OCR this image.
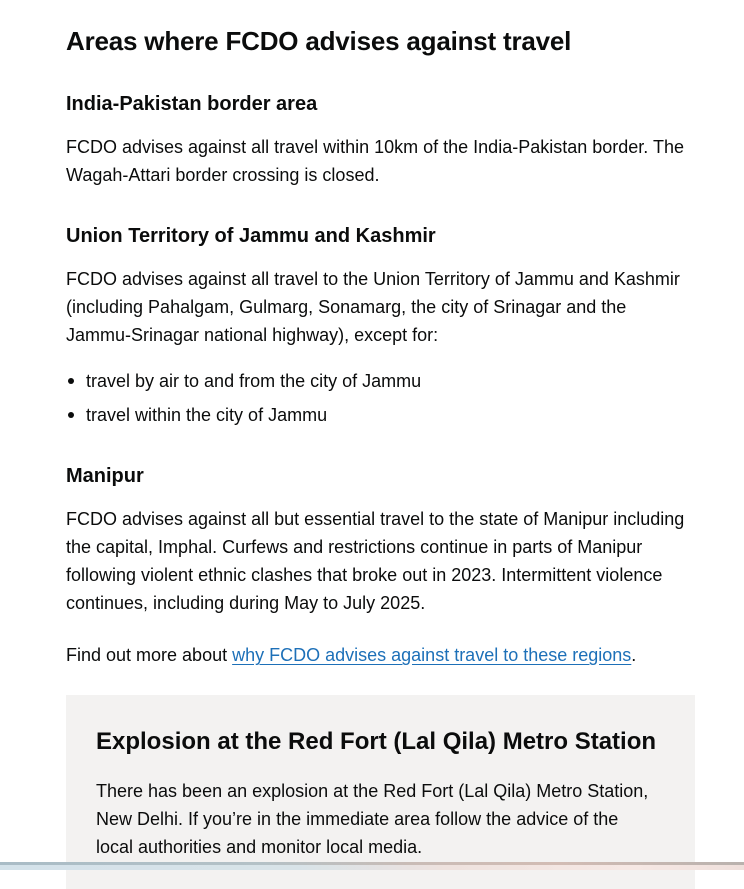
Areas where FCDO advises against travel
India-Pakistan border area

FCDO advises against all travel within 10km of the India-Pakistan border. The Wagah-Attari border crossing is closed.

Union Territory of Jammu and Kashmir

FCDO advises against all travel to the Union Territory of Jammu and Kashmir (including Pahalgam, Gulmarg, Sonamarg, the city of Srinagar and the Jammu-Srinagar national highway), except for:

travel by air to and from the city of Jammu
travel within the city of Jammu
Manipur

FCDO advises against all but essential travel to the state of Manipur including the capital, Imphal. Curfews and restrictions continue in parts of Manipur following violent ethnic clashes that broke out in 2023. Intermittent violence continues, including during May to July 2025.

Find out more about why FCDO advises against travel to these regions.

Explosion at the Red Fort (Lal Qila) Metro Station

There has been an explosion at the Red Fort (Lal Qila) Metro Station, New Delhi. If you’re in the immediate area follow the advice of the local authorities and monitor local media.
